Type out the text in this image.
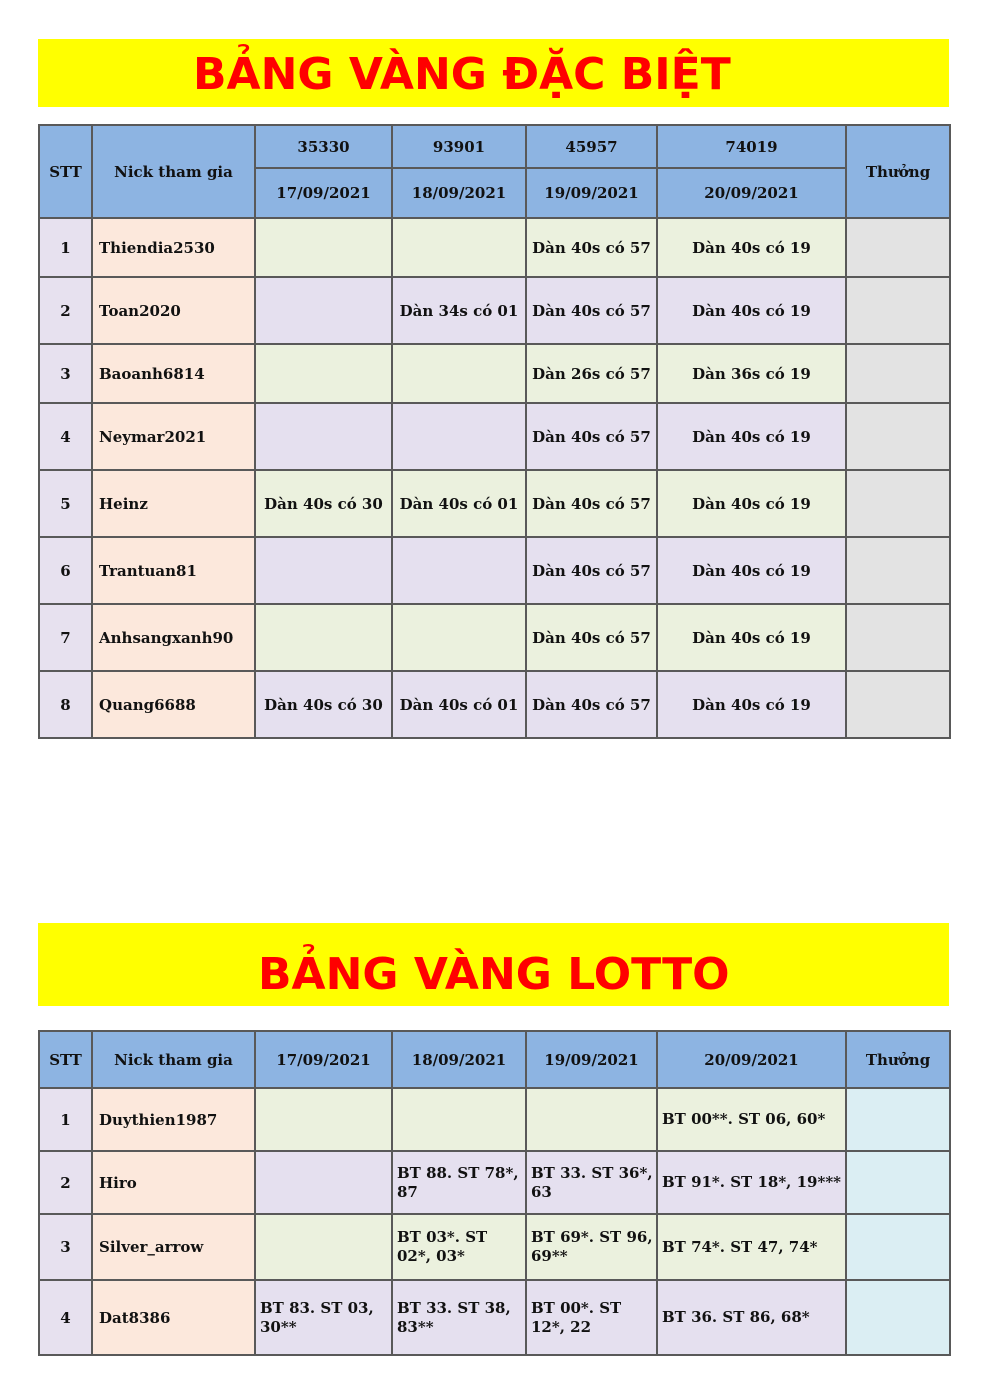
BẢNG VÀNG ĐẶC BIỆT
STT	Nick tham gia	35330	93901	45957	74019	Thưởng
		17/09/2021	18/09/2021	19/09/2021	20/09/2021	
1	Thiendia2530			Dàn 40s có 57	Dàn 40s có 19	
2	Toan2020		Dàn 34s có 01	Dàn 40s có 57	Dàn 40s có 19	
3	Baoanh6814			Dàn 26s có 57	Dàn 36s có 19	
4	Neymar2021			Dàn 40s có 57	Dàn 40s có 19	
5	Heinz	Dàn 40s có 30	Dàn 40s có 01	Dàn 40s có 57	Dàn 40s có 19	
6	Trantuan81			Dàn 40s có 57	Dàn 40s có 19	
7	Anhsangxanh90			Dàn 40s có 57	Dàn 40s có 19	
8	Quang6688	Dàn 40s có 30	Dàn 40s có 01	Dàn 40s có 57	Dàn 40s có 19	
BẢNG VÀNG LOTTO
STT	Nick tham gia	17/09/2021	18/09/2021	19/09/2021	20/09/2021	Thưởng
1	Duythien1987				BT 00**. ST 06, 60*	
2	Hiro		BT 88. ST 78*, 87	BT 33. ST 36*, 63	BT 91*. ST 18*, 19***	
3	Silver_arrow		BT 03*. ST 02*, 03*	BT 69*. ST 96, 69**	BT 74*. ST 47, 74*	
4	Dat8386	BT 83. ST 03, 30**	BT 33. ST 38, 83**	BT 00*. ST 12*, 22	BT 36. ST 86, 68*	
